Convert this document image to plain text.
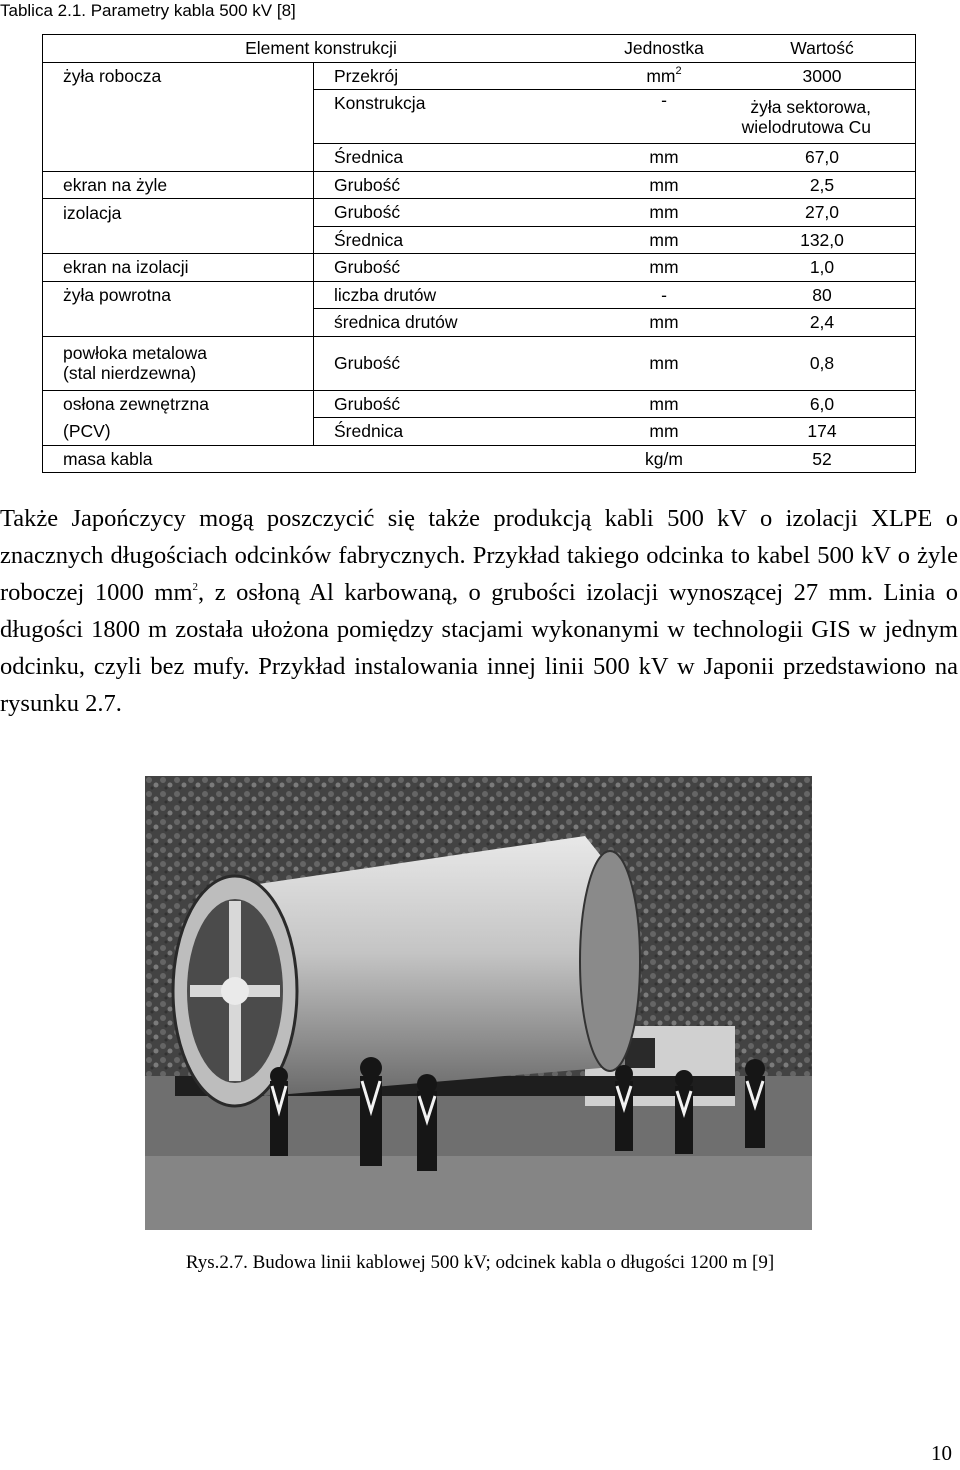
Tablica 2.1. Parametry kabla 500 kV [8]
Element konstrukcji		Jednostka	Wartość
żyła robocza	Przekrój	$mm^2$	3000
	Konstrukcja	-	żyła sektorowa,
wielodrutowa Cu

	Średnica	mm	67,0
ekran na żyle	Grubość	mm	2,5
izolacja	Grubość	mm	27,0
	Średnica	mm	132,0
ekran na izolacji	Grubość	mm	1,0
żyła powrotna	liczba drutów	-	80
	średnica drutów	mm	2,4

powłoka metalowa
(stal nierdzewna)	Grubość	mm	0,8
osłona zewnętrzna	Grubość	mm	6,0
(PCV)	Średnica	mm	174
masa kabla		kg/m	52

Także Japończycy mogą poszczycić się także produkcją kabli 500 kV o izolacji XLPE o znacznych długościach odcinków fabrycznych. Przykład takiego odcinka to kabel 500 kV o żyle roboczej 1000 $mm^2$, z osłoną Al karbowaną, o grubości izolacji wynoszącej 27 mm. Linia o długości 1800 m została ułożona pomiędzy stacjami wykonanymi w technologii GIS w jednym odcinku, czyli bez mufy. Przykład instalowania innej linii 500 kV w Japonii przedstawiono na rysunku 2.7.

Rys.2.7. Budowa linii kablowej 500 kV; odcinek kabla o długości 1200 m [9]
10
